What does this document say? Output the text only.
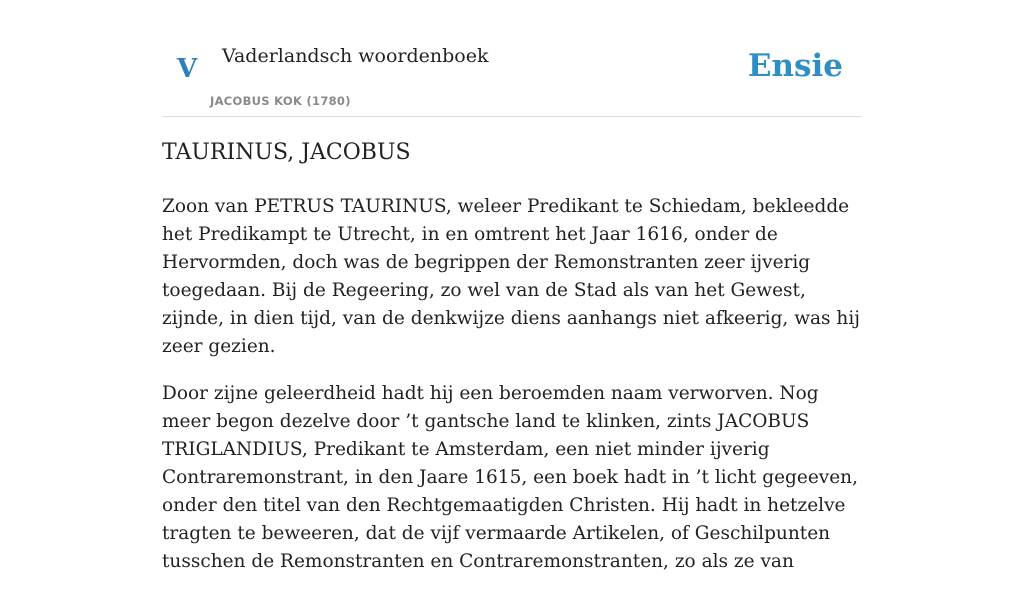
V Vaderlandsch woordenboek
JACOBUS KOK (1780)
Ensie
TAURINUS, JACOBUS

Zoon van PETRUS TAURINUS, weleer Predikant te Schiedam, bekleedde het Predikampt te Utrecht, in en omtrent het Jaar 1616, onder de Hervormden, doch was de begrippen der Remonstranten zeer ijverig toegedaan. Bij de Regeering, zo wel van de Stad als van het Gewest, zijnde, in dien tijd, van de denkwijze diens aanhangs niet afkeerig, was hij zeer gezien.

Door zijne geleerdheid hadt hij een beroemden naam verworven. Nog meer begon dezelve door ’t gantsche land te klinken, zints JACOBUS TRIGLANDIUS, Predikant te Amsterdam, een niet minder ijverig Contraremonstrant, in den Jaare 1615, een boek hadt in ’t licht gegeeven, onder den titel van den Rechtgemaatigden Christen. Hij hadt in hetzelve tragten te beweeren, dat de vijf vermaarde Artikelen, of Geschilpunten tusschen de Remonstranten en Contraremonstranten, zo als ze van
